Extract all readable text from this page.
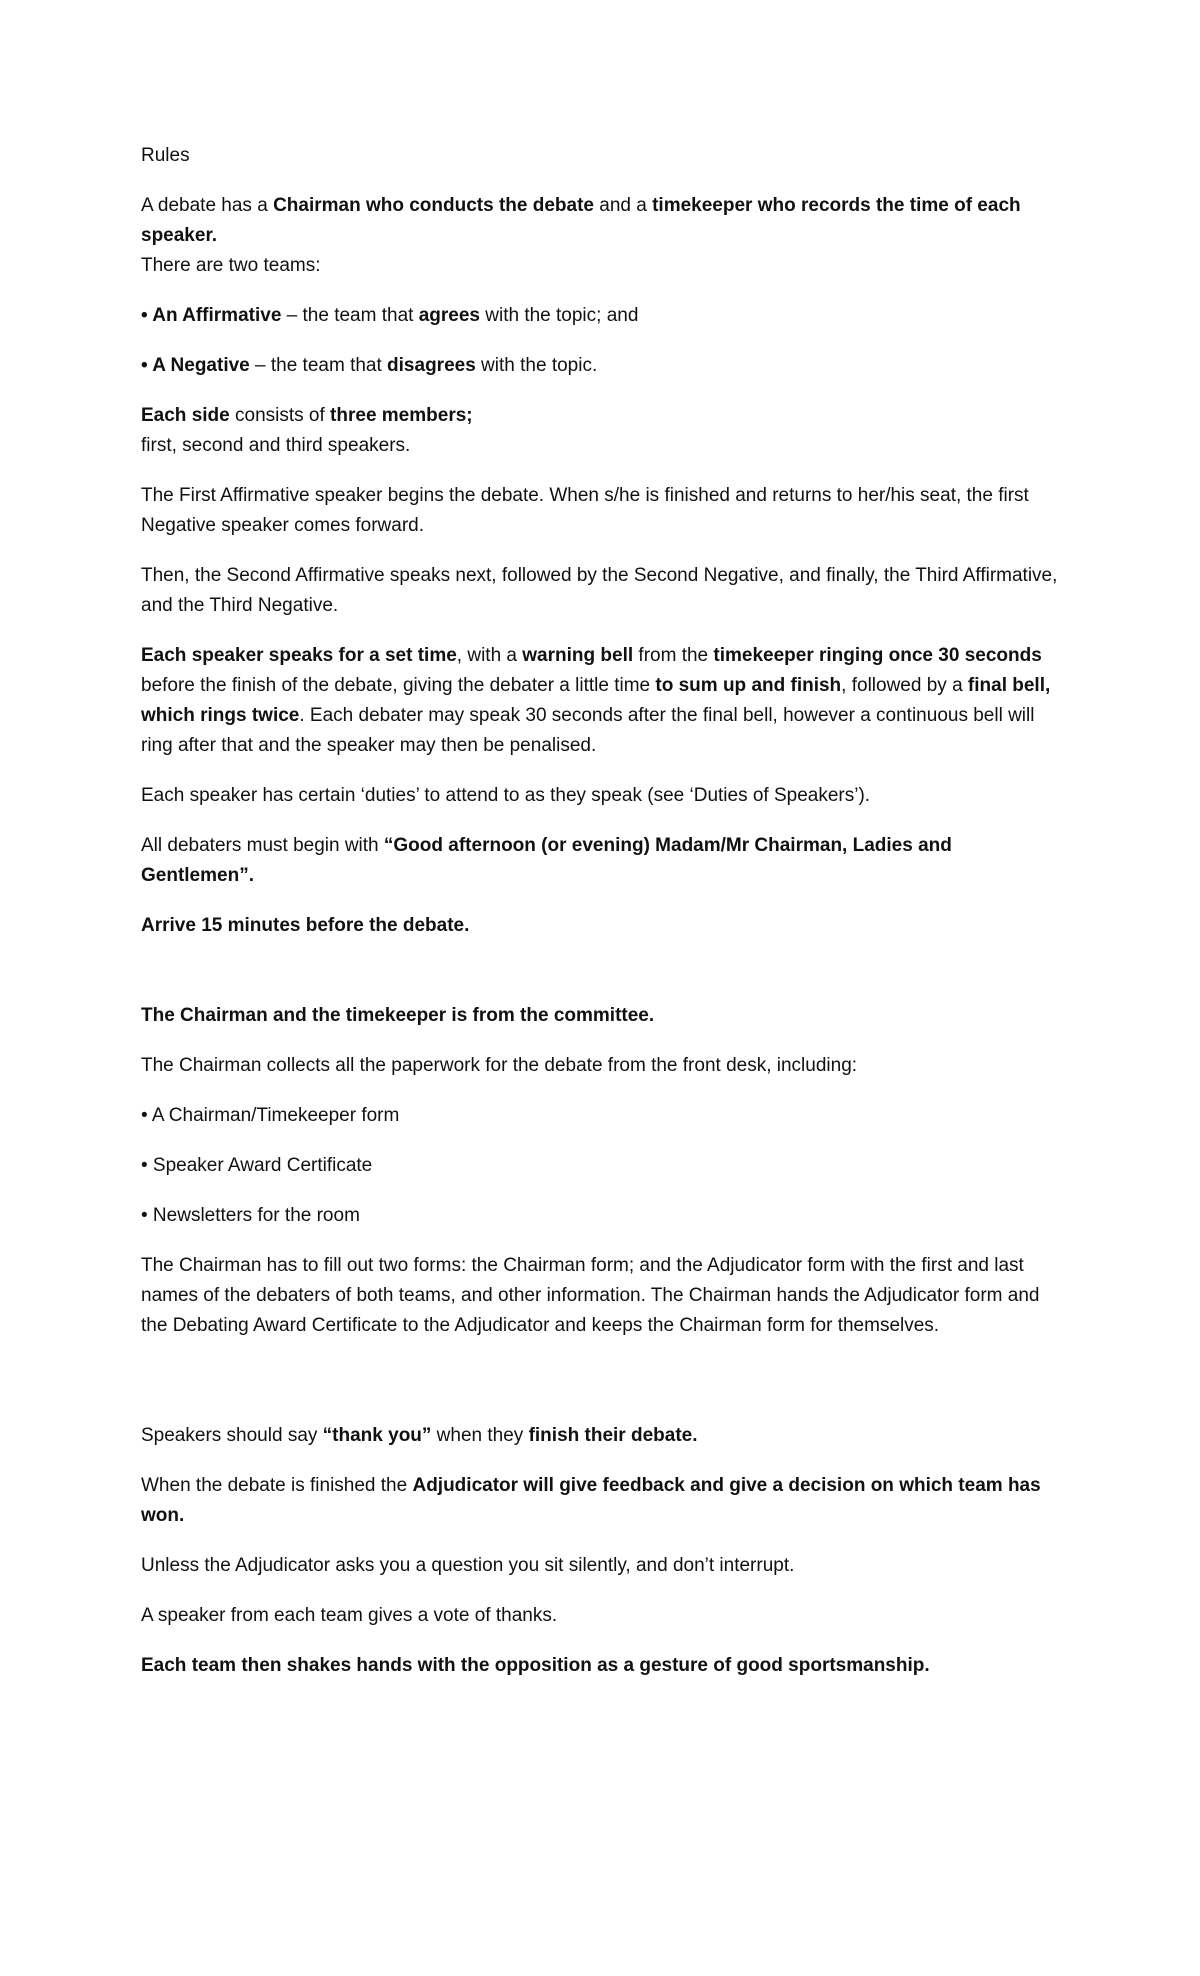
Rules

A debate has a Chairman who conducts the debate and a timekeeper who records the time of each speaker.
There are two teams:

• An Affirmative – the team that agrees with the topic; and

• A Negative – the team that disagrees with the topic.

Each side consists of three members;
first, second and third speakers.

The First Affirmative speaker begins the debate. When s/he is finished and returns to her/his seat, the first Negative speaker comes forward.

Then, the Second Affirmative speaks next, followed by the Second Negative, and finally, the Third Affirmative, and the Third Negative.

Each speaker speaks for a set time, with a warning bell from the timekeeper ringing once 30 seconds before the finish of the debate, giving the debater a little time to sum up and finish, followed by a final bell, which rings twice. Each debater may speak 30 seconds after the final bell, however a continuous bell will ring after that and the speaker may then be penalised.

Each speaker has certain ‘duties’ to attend to as they speak (see ‘Duties of Speakers’).

All debaters must begin with “Good afternoon (or evening) Madam/Mr Chairman, Ladies and Gentlemen”.

Arrive 15 minutes before the debate.

The Chairman and the timekeeper is from the committee.

The Chairman collects all the paperwork for the debate from the front desk, including:

• A Chairman/Timekeeper form

• Speaker Award Certificate

• Newsletters for the room

The Chairman has to fill out two forms: the Chairman form; and the Adjudicator form with the first and last names of the debaters of both teams, and other information. The Chairman hands the Adjudicator form and the Debating Award Certificate to the Adjudicator and keeps the Chairman form for themselves.

Speakers should say “thank you” when they finish their debate.

When the debate is finished the Adjudicator will give feedback and give a decision on which team has won.

Unless the Adjudicator asks you a question you sit silently, and don’t interrupt.

A speaker from each team gives a vote of thanks.

Each team then shakes hands with the opposition as a gesture of good sportsmanship.
